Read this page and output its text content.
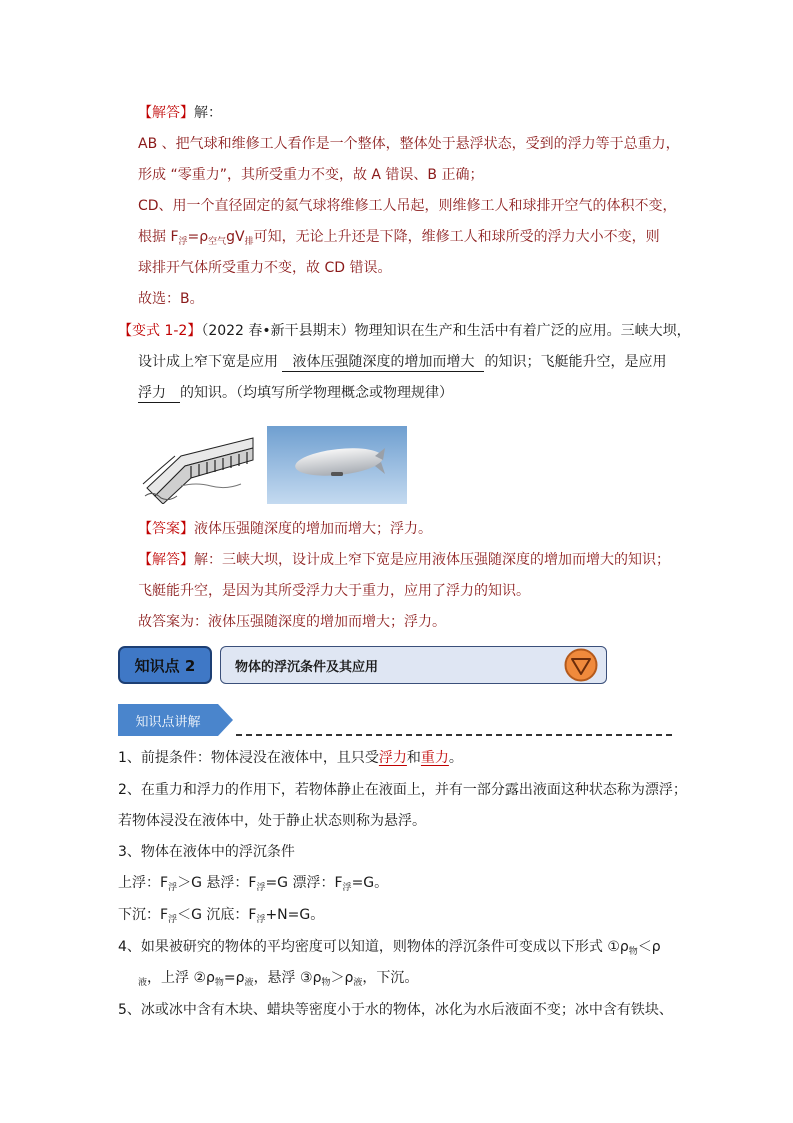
【解答】解：
AB 、把气球和维修工人看作是一个整体，整体处于悬浮状态，受到的浮力等于总重力，
形成 “零重力”，其所受重力不变，故 A 错误、B 正确；
CD、用一个直径固定的氦气球将维修工人吊起，则维修工人和球排开空气的体积不变，
根据 $F_浮=\rho_{空气}gV_排$可知，无论上升还是下降，维修工人和球所受的浮力大小不变，则
球排开气体所受重力不变，故 CD 错误。
故选：B。
【变式 1-2】（2022 春•新干县期末）物理知识在生产和生活中有着广泛的应用。三峡大坝，
设计成上窄下宽是应用 液体压强随深度的增加而增大 的知识；飞艇能升空，是应用
浮力 的知识。（均填写所学物理概念或物理规律）
【答案】液体压强随深度的增加而增大；浮力。
【解答】解：三峡大坝，设计成上窄下宽是应用液体压强随深度的增加而增大的知识；
飞艇能升空，是因为其所受浮力大于重力，应用了浮力的知识。
故答案为：液体压强随深度的增加而增大；浮力。
知识点 2	物体的浮沉条件及其应用
知识点讲解
1、前提条件：物体浸没在液体中，且只受浮力和重力。
2、在重力和浮力的作用下，若物体静止在液面上，并有一部分露出液面这种状态称为漂浮；
若物体浸没在液体中，处于静止状态则称为悬浮。
3、物体在液体中的浮沉条件
上浮：$F_浮>G$ 悬浮：$F_浮=G$ 漂浮：$F_浮=G$。
下沉：$F_浮<G$ 沉底：$F_浮+N=G$。
4、如果被研究的物体的平均密度可以知道，则物体的浮沉条件可变成以下形式 $①\rho_物<\rho$
$_液$，上浮 $②\rho_物=\rho_液$，悬浮 $③\rho_物>\rho_液$，下沉。
5、冰或冰中含有木块、蜡块等密度小于水的物体，冰化为水后液面不变；冰中含有铁块、
